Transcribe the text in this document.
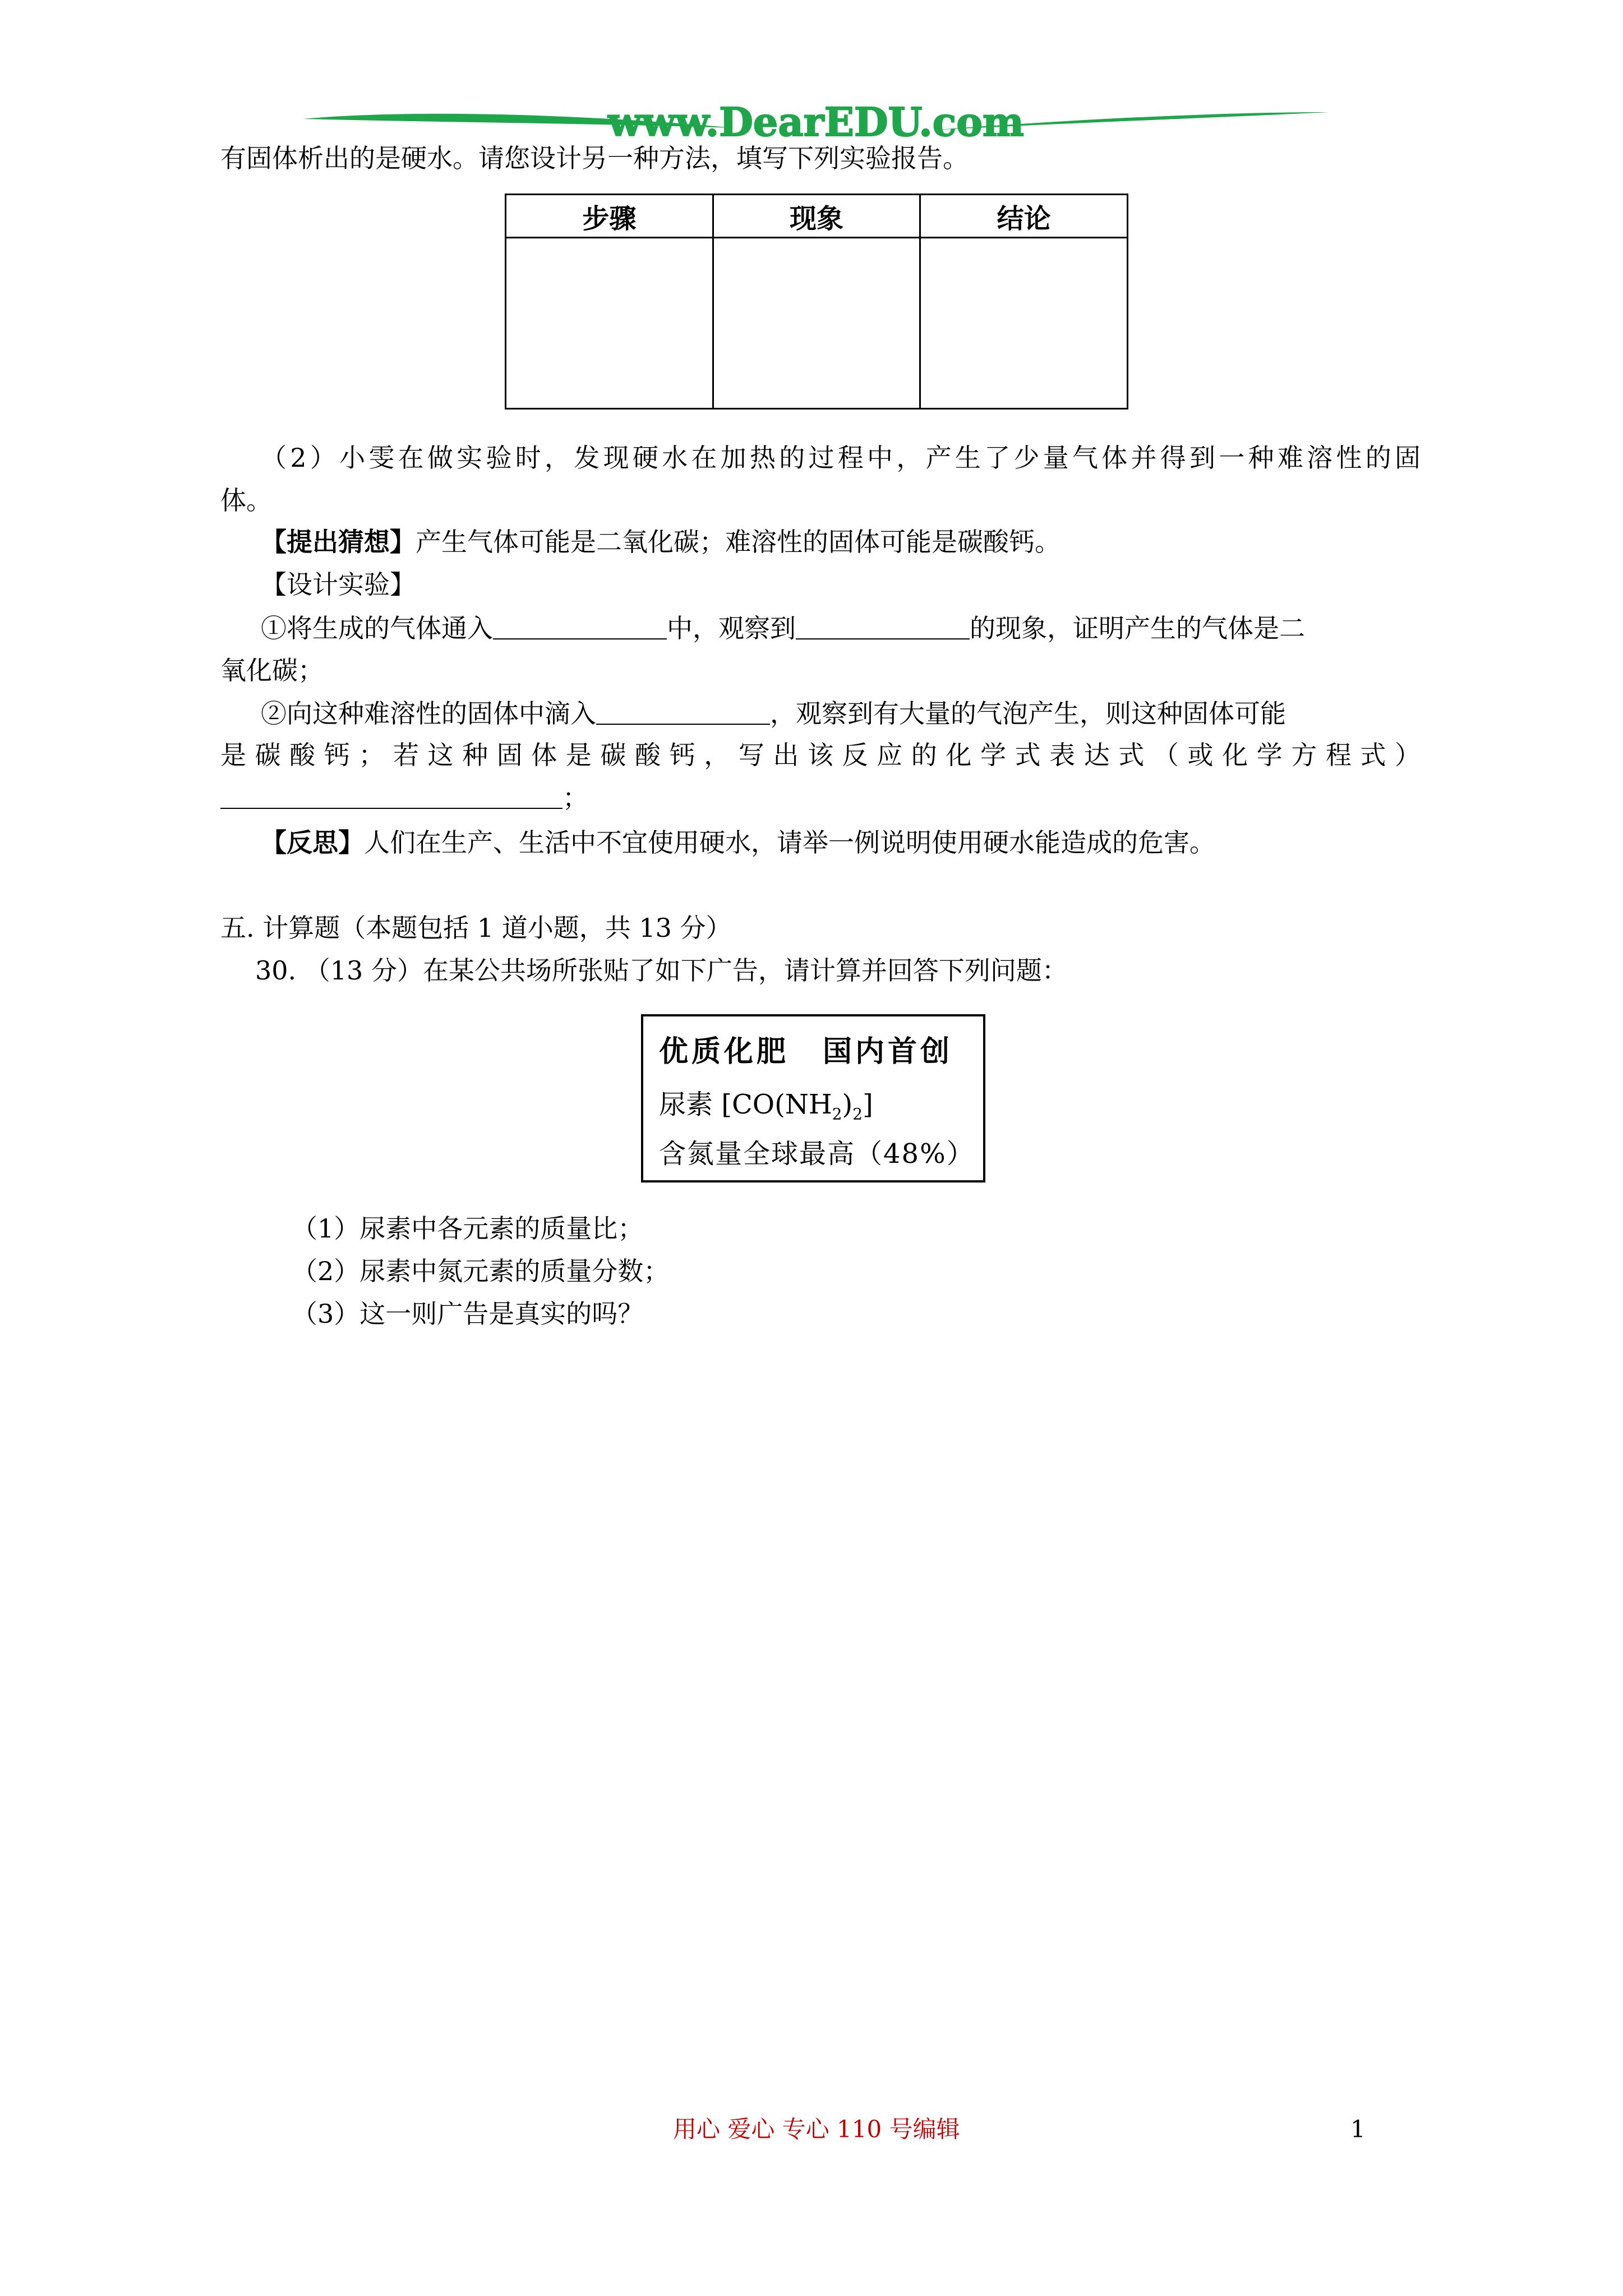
www.DearEDU.com
有固体析出的是硬水。请您设计另一种方法，填写下列实验报告。
步骤	现象	结论

（2）小雯在做实验时，发现硬水在加热的过程中，产生了少量气体并得到一种难溶性的固
体。
【提出猜想】产生气体可能是二氧化碳；难溶性的固体可能是碳酸钙。
【设计实验】
①将生成的气体通入	中，观察到	的现象，证明产生的气体是二
氧化碳；
②向这种难溶性的固体中滴入	，观察到有大量的气泡产生，则这种固体可能
是碳酸钙；若这种固体是碳酸钙，写出该反应的化学式表达式（或化学方程式）
；
【反思】人们在生产、生活中不宜使用硬水，请举一例说明使用硬水能造成的危害。
五. 计算题（本题包括 1 道小题，共 13 分）
30. （13 分）在某公共场所张贴了如下广告，请计算并回答下列问题：
优质化肥 国内首创
尿素 $[CO(NH_2)_2]$
含氮量全球最高（48%）
（1）尿素中各元素的质量比；
（2）尿素中氮元素的质量分数；
（3）这一则广告是真实的吗？
用心 爱心 专心 110 号编辑	1
